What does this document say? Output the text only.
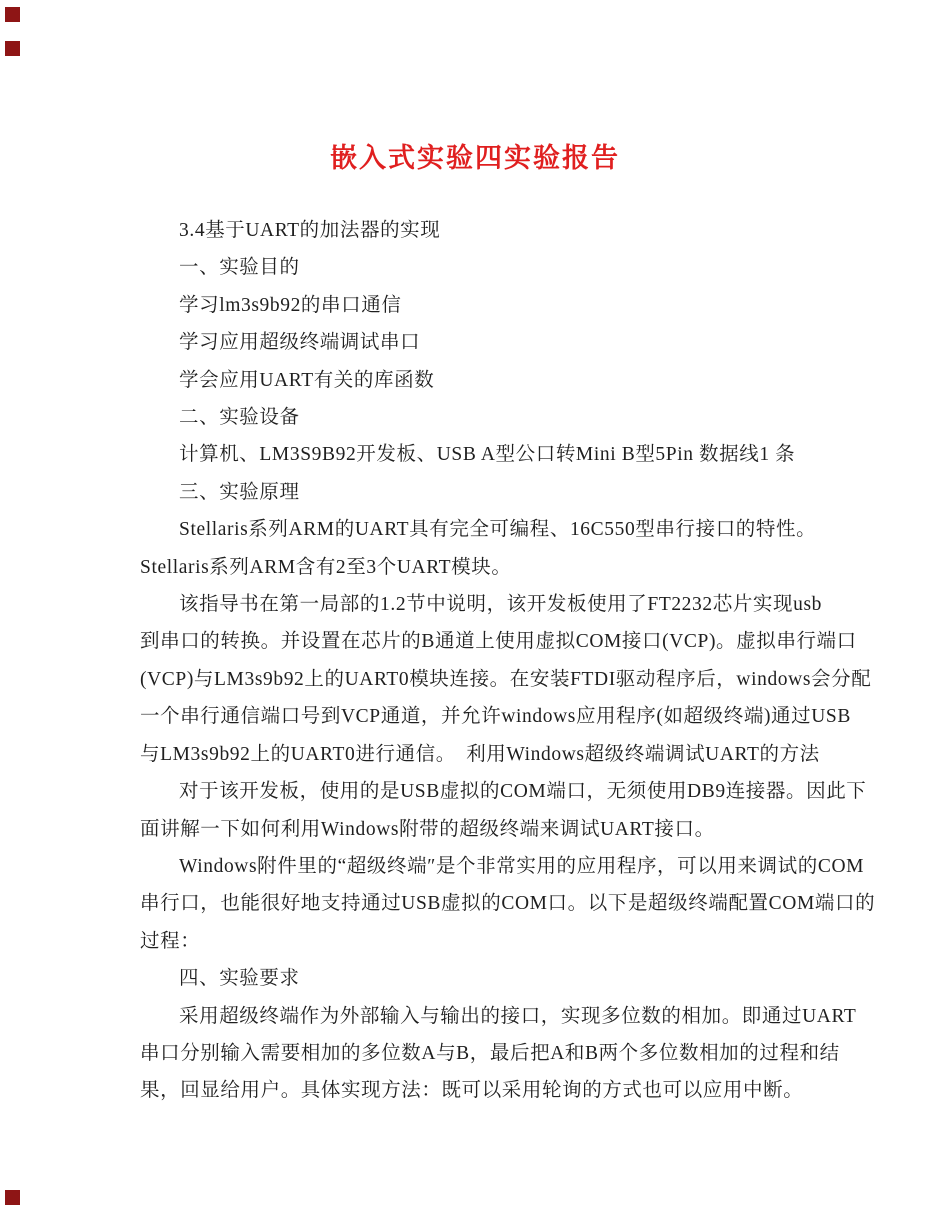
嵌入式实验四实验报告
3.4基于UART的加法器的实现
一、实验目的
学习lm3s9b92的串口通信
学习应用超级终端调试串口
学会应用UART有关的库函数
二、实验设备
计算机、LM3S9B92开发板、USB A型公口转Mini B型5Pin 数据线1 条
三、实验原理
Stellaris系列ARM的UART具有完全可编程、16C550型串行接口的特性。
Stellaris系列ARM含有2至3个UART模块。
该指导书在第一局部的1.2节中说明，该开发板使用了FT2232芯片实现usb
到串口的转换。并设置在芯片的B通道上使用虚拟COM接口(VCP)。虚拟串行端口
(VCP)与LM3s9b92上的UART0模块连接。在安装FTDI驱动程序后，windows会分配
一个串行通信端口号到VCP通道，并允许windows应用程序(如超级终端)通过USB
与LM3s9b92上的UART0进行通信。　利用Windows超级终端调试UART的方法
对于该开发板，使用的是USB虚拟的COM端口，无须使用DB9连接器。因此下
面讲解一下如何利用Windows附带的超级终端来调试UART接口。
Windows附件里的“超级终端″是个非常实用的应用程序，可以用来调试的COM
串行口，也能很好地支持通过USB虚拟的COM口。以下是超级终端配置COM端口的
过程：
四、实验要求
采用超级终端作为外部输入与输出的接口，实现多位数的相加。即通过UART
串口分别输入需要相加的多位数A与B，最后把A和B两个多位数相加的过程和结
果，回显给用户。具体实现方法：既可以采用轮询的方式也可以应用中断。
